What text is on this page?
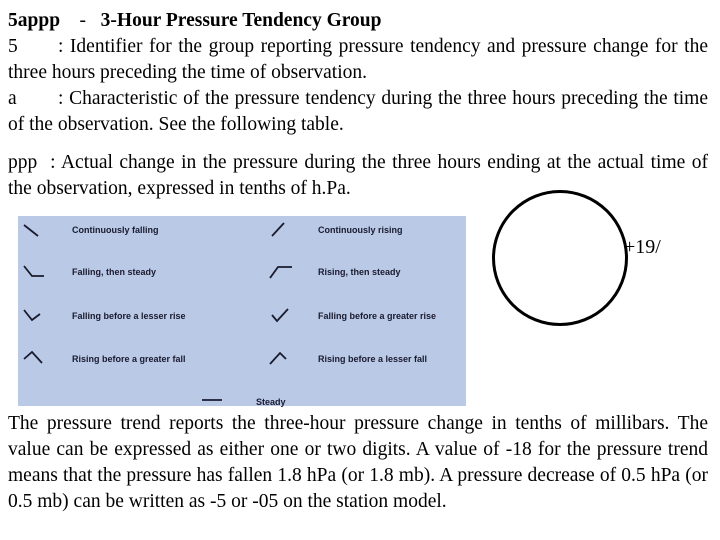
5appp - 3-Hour Pressure Tendency Group
5 : Identifier for the group reporting pressure tendency and pressure change for the three hours preceding the time of observation.
a : Characteristic of the pressure tendency during the three hours preceding the time of the observation. See the following table.
ppp : Actual change in the pressure during the three hours ending at the actual time of the observation, expressed in tenths of h.Pa.
Continuously falling
Falling, then steady
Falling before a lesser rise
Rising before a greater fall
Continuously rising
Rising, then steady
Falling before a greater rise
Rising before a lesser fall
Steady
+19/
The pressure trend reports the three-hour pressure change in tenths of millibars. The value can be expressed as either one or two digits. A value of -18 for the pressure trend means that the pressure has fallen 1.8 hPa (or 1.8 mb). A pressure decrease of 0.5 hPa (or 0.5 mb) can be written as -5 or -05 on the station model.
